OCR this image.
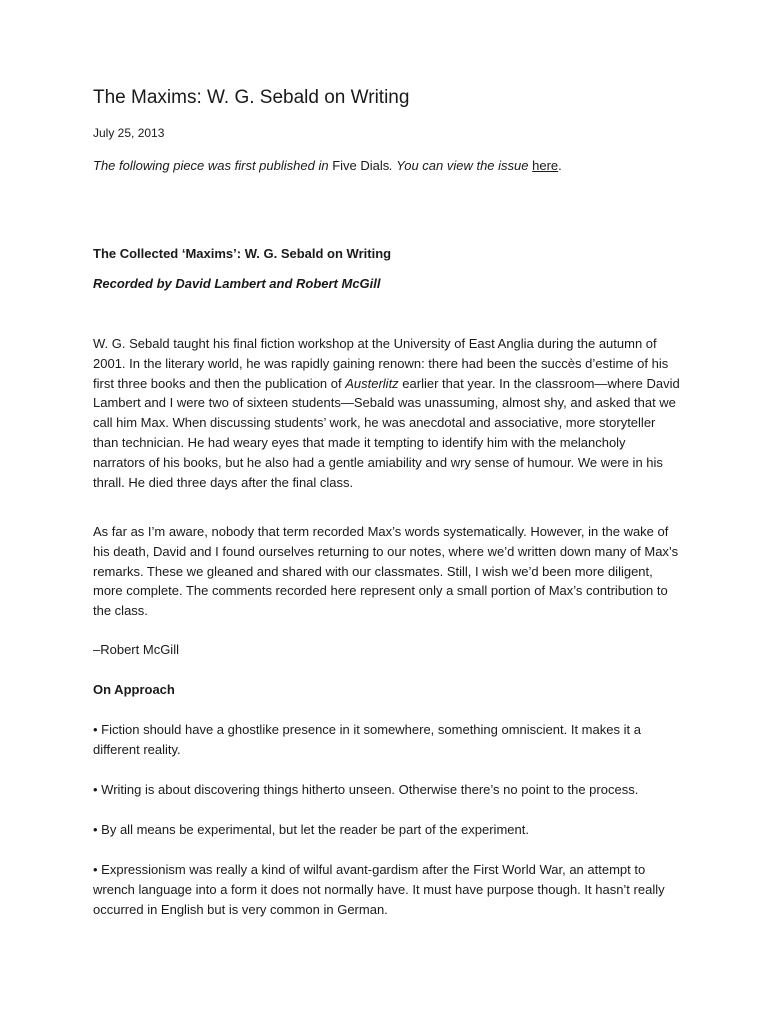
The Maxims: W. G. Sebald on Writing
July 25, 2013
The following piece was first published in Five Dials. You can view the issue here.
The Collected ‘Maxims’: W. G. Sebald on Writing
Recorded by David Lambert and Robert McGill
W. G. Sebald taught his final fiction workshop at the University of East Anglia during the autumn of
2001. In the literary world, he was rapidly gaining renown: there had been the succès d’estime of his
first three books and then the publication of Austerlitz earlier that year. In the classroom—where David
Lambert and I were two of sixteen students—Sebald was unassuming, almost shy, and asked that we
call him Max. When discussing students’ work, he was anecdotal and associative, more storyteller
than technician. He had weary eyes that made it tempting to identify him with the melancholy
narrators of his books, but he also had a gentle amiability and wry sense of humour. We were in his
thrall. He died three days after the final class.
As far as I’m aware, nobody that term recorded Max’s words systematically. However, in the wake of
his death, David and I found ourselves returning to our notes, where we’d written down many of Max’s
remarks. These we gleaned and shared with our classmates. Still, I wish we’d been more diligent,
more complete. The comments recorded here represent only a small portion of Max’s contribution to
the class.
–Robert McGill
On Approach
• Fiction should have a ghostlike presence in it somewhere, something omniscient. It makes it a
different reality.
• Writing is about discovering things hitherto unseen. Otherwise there’s no point to the process.
• By all means be experimental, but let the reader be part of the experiment.
• Expressionism was really a kind of wilful avant-gardism after the First World War, an attempt to
wrench language into a form it does not normally have. It must have purpose though. It hasn’t really
occurred in English but is very common in German.
